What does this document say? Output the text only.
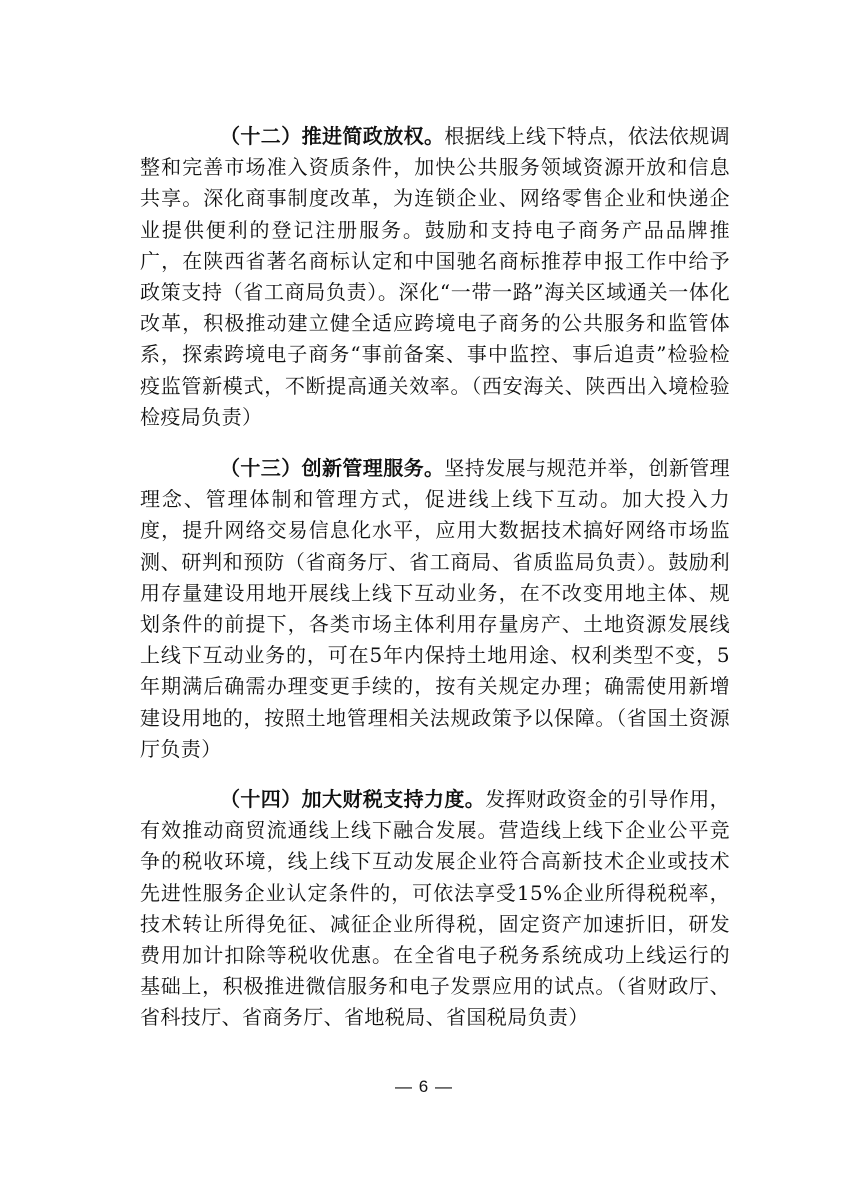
（十二）推进简政放权。根据线上线下特点，依法依规调整和完善市场准入资质条件，加快公共服务领域资源开放和信息共享。深化商事制度改革，为连锁企业、网络零售企业和快递企业提供便利的登记注册服务。鼓励和支持电子商务产品品牌推广，在陕西省著名商标认定和中国驰名商标推荐申报工作中给予政策支持（省工商局负责）。深化“一带一路”海关区域通关一体化改革，积极推动建立健全适应跨境电子商务的公共服务和监管体系，探索跨境电子商务“事前备案、事中监控、事后追责”检验检疫监管新模式，不断提高通关效率。（西安海关、陕西出入境检验检疫局负责）

（十三）创新管理服务。坚持发展与规范并举，创新管理理念、管理体制和管理方式，促进线上线下互动。加大投入力度，提升网络交易信息化水平，应用大数据技术搞好网络市场监测、研判和预防（省商务厅、省工商局、省质监局负责）。鼓励利用存量建设用地开展线上线下互动业务，在不改变用地主体、规划条件的前提下，各类市场主体利用存量房产、土地资源发展线上线下互动业务的，可在5年内保持土地用途、权利类型不变，5年期满后确需办理变更手续的，按有关规定办理；确需使用新增建设用地的，按照土地管理相关法规政策予以保障。（省国土资源厅负责）

（十四）加大财税支持力度。发挥财政资金的引导作用，有效推动商贸流通线上线下融合发展。营造线上线下企业公平竞争的税收环境，线上线下互动发展企业符合高新技术企业或技术先进性服务企业认定条件的，可依法享受15%企业所得税税率，技术转让所得免征、减征企业所得税，固定资产加速折旧，研发费用加计扣除等税收优惠。在全省电子税务系统成功上线运行的基础上，积极推进微信服务和电子发票应用的试点。（省财政厅、省科技厅、省商务厅、省地税局、省国税局负责）

— 6 —
